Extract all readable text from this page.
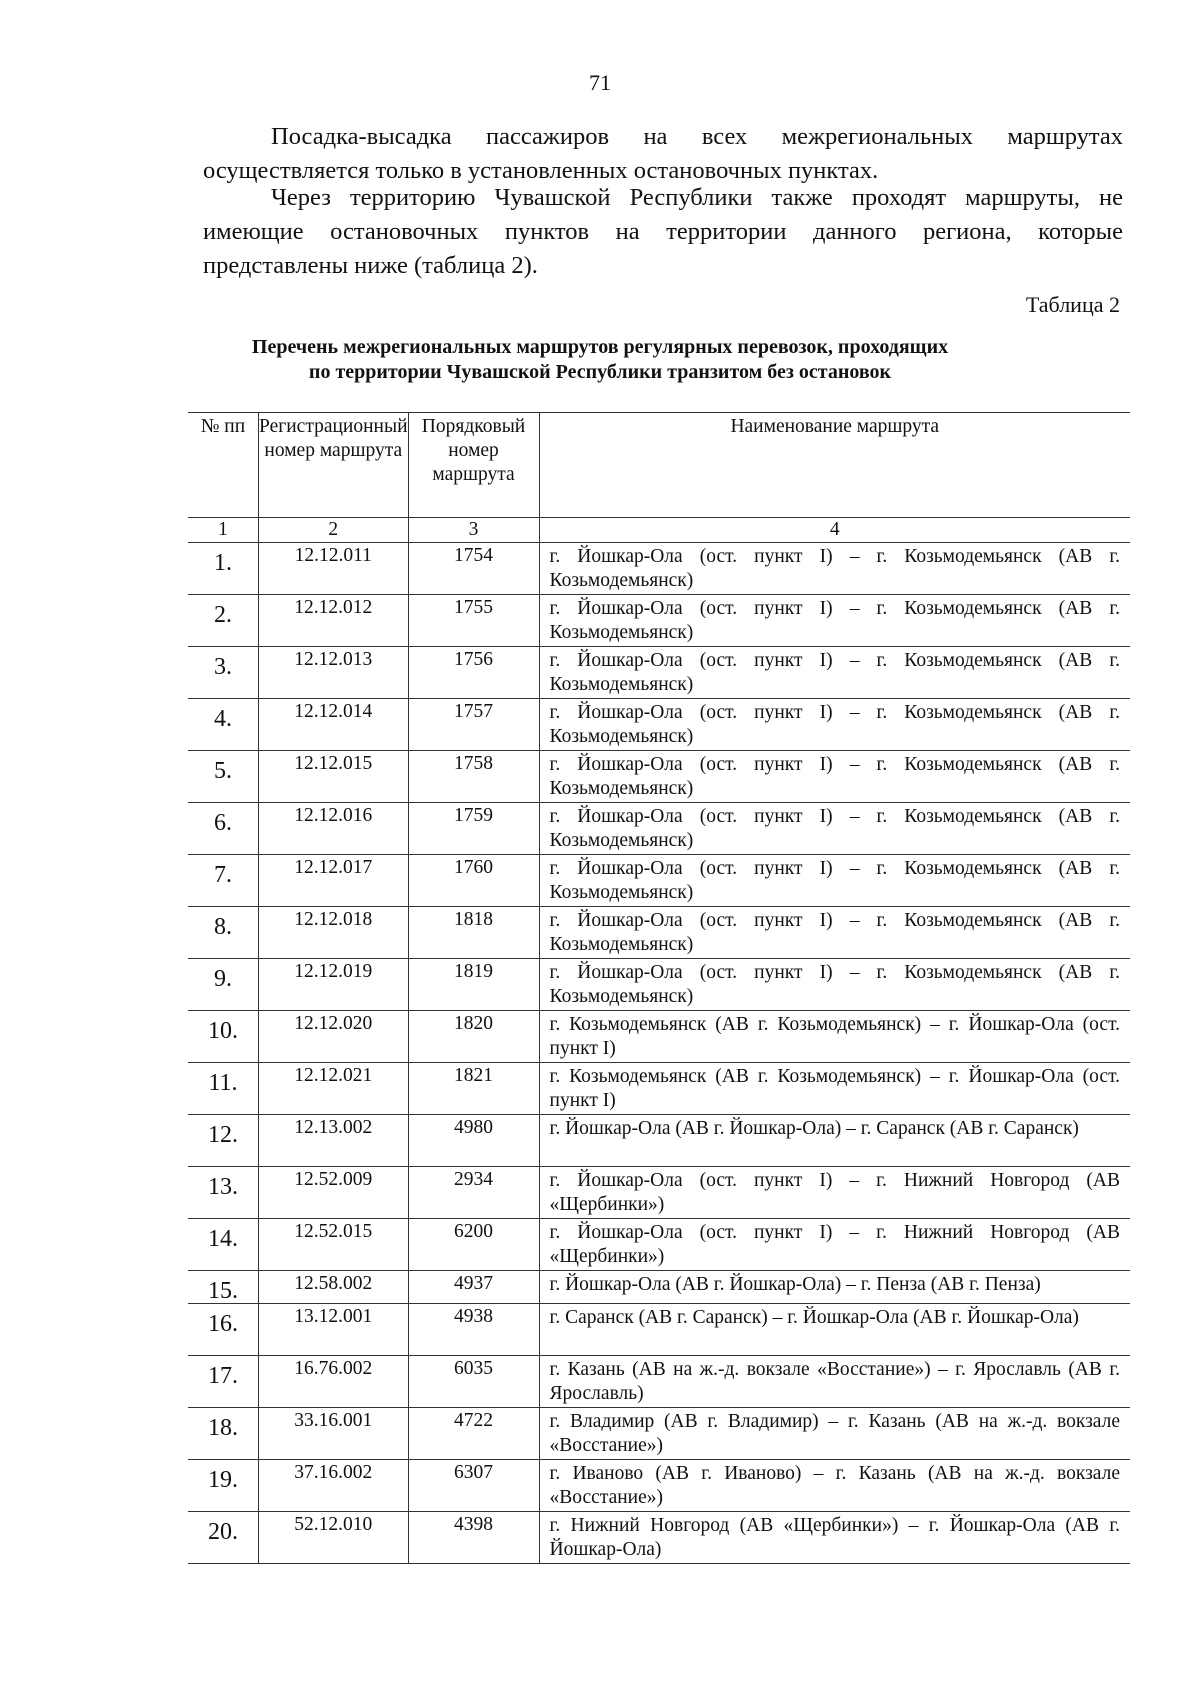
71

Посадка-высадка пассажиров на всех межрегиональных маршрутах осуществляется только в установленных остановочных пунктах.

Через территорию Чувашской Республики также проходят маршруты, не имеющие остановочных пунктов на территории данного региона, которые представлены ниже (таблица 2).

Таблица 2
Перечень межрегиональных маршрутов регулярных перевозок, проходящих
по территории Чувашской Республики транзитом без остановок
№ пп	Регистрационный номер маршрута	Порядковый номер маршрута	Наименование маршрута
1	2	3	4
1.	12.12.011	1754	г. Йошкар-Ола (ост. пункт I) – г. Козьмодемьянск (АВ г. Козьмодемьянск)
2.	12.12.012	1755	г. Йошкар-Ола (ост. пункт I) – г. Козьмодемьянск (АВ г. Козьмодемьянск)
3.	12.12.013	1756	г. Йошкар-Ола (ост. пункт I) – г. Козьмодемьянск (АВ г. Козьмодемьянск)
4.	12.12.014	1757	г. Йошкар-Ола (ост. пункт I) – г. Козьмодемьянск (АВ г. Козьмодемьянск)
5.	12.12.015	1758	г. Йошкар-Ола (ост. пункт I) – г. Козьмодемьянск (АВ г. Козьмодемьянск)
6.	12.12.016	1759	г. Йошкар-Ола (ост. пункт I) – г. Козьмодемьянск (АВ г. Козьмодемьянск)
7.	12.12.017	1760	г. Йошкар-Ола (ост. пункт I) – г. Козьмодемьянск (АВ г. Козьмодемьянск)
8.	12.12.018	1818	г. Йошкар-Ола (ост. пункт I) – г. Козьмодемьянск (АВ г. Козьмодемьянск)
9.	12.12.019	1819	г. Йошкар-Ола (ост. пункт I) – г. Козьмодемьянск (АВ г. Козьмодемьянск)
10.	12.12.020	1820	г. Козьмодемьянск (АВ г. Козьмодемьянск) – г. Йошкар-Ола (ост. пункт I)
11.	12.12.021	1821	г. Козьмодемьянск (АВ г. Козьмодемьянск) – г. Йошкар-Ола (ост. пункт I)
12.	12.13.002	4980	г. Йошкар-Ола (АВ г. Йошкар-Ола) – г. Саранск (АВ г. Саранск)
13.	12.52.009	2934	г. Йошкар-Ола (ост. пункт I) – г. Нижний Новгород (АВ «Щербинки»)
14.	12.52.015	6200	г. Йошкар-Ола (ост. пункт I) – г. Нижний Новгород (АВ «Щербинки»)
15.	12.58.002	4937	г. Йошкар-Ола (АВ г. Йошкар-Ола) – г. Пенза (АВ г. Пенза)
16.	13.12.001	4938	г. Саранск (АВ г. Саранск) – г. Йошкар-Ола (АВ г. Йошкар-Ола)
17.	16.76.002	6035	г. Казань (АВ на ж.-д. вокзале «Восстание») – г. Ярославль (АВ г. Ярославль)
18.	33.16.001	4722	г. Владимир (АВ г. Владимир) – г. Казань (АВ на ж.-д. вокзале «Восстание»)
19.	37.16.002	6307	г. Иваново (АВ г. Иваново) – г. Казань (АВ на ж.-д. вокзале «Восстание»)
20.	52.12.010	4398	г. Нижний Новгород (АВ «Щербинки») – г. Йошкар-Ола (АВ г. Йошкар-Ола)
